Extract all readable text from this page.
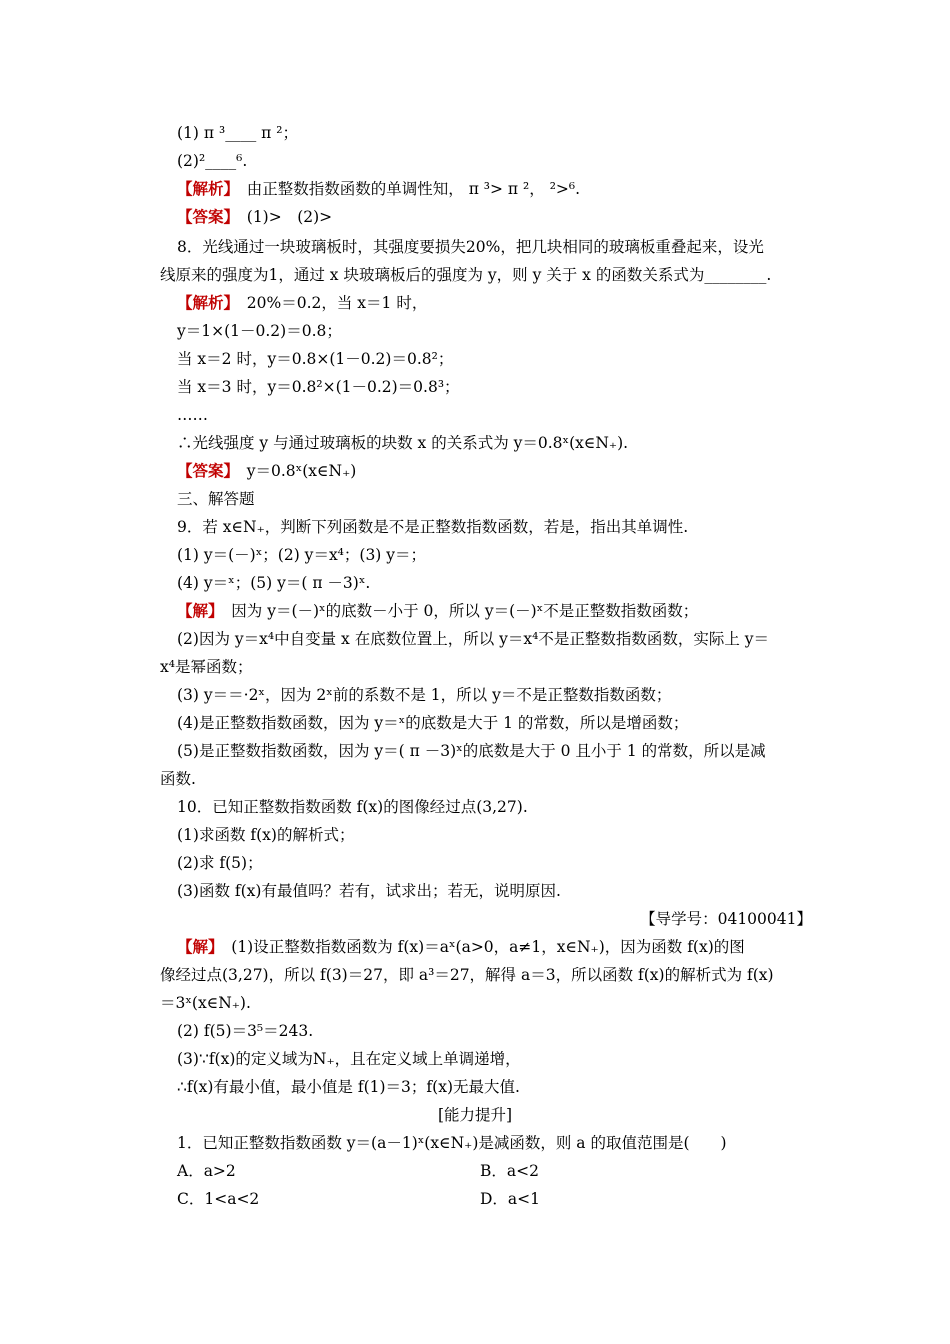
(1) π ³____ π ²；
(2)²____⁶.
【解析】　由正整数指数函数的单调性知， π ³> π ²， ²>⁶.
【答案】　(1)>　(2)>
8．光线通过一块玻璃板时，其强度要损失20%，把几块相同的玻璃板重叠起来，设光
线原来的强度为1，通过 x 块玻璃板后的强度为 y，则 y 关于 x 的函数关系式为________.
【解析】　20%＝0.2，当 x＝1 时，
y＝1×(1－0.2)＝0.8；
当 x＝2 时，y＝0.8×(1－0.2)＝0.8²；
当 x＝3 时，y＝0.8²×(1－0.2)＝0.8³；
……
∴光线强度 y 与通过玻璃板的块数 x 的关系式为 y＝0.8ˣ(x∈N₊).
【答案】　y＝0.8ˣ(x∈N₊)
三、解答题
9．若 x∈N₊，判断下列函数是不是正整数指数函数，若是，指出其单调性.
(1) y＝(－)ˣ；(2) y＝x⁴；(3) y＝；
(4) y＝ˣ；(5) y＝( π －3)ˣ.
【解】　因为 y＝(－)ˣ的底数－小于 0，所以 y＝(－)ˣ不是正整数指数函数；
(2)因为 y＝x⁴中自变量 x 在底数位置上，所以 y＝x⁴不是正整数指数函数，实际上 y＝
x⁴是幂函数；
(3) y＝＝·2ˣ，因为 2ˣ前的系数不是 1，所以 y＝不是正整数指数函数；
(4)是正整数指数函数，因为 y＝ˣ的底数是大于 1 的常数，所以是增函数；
(5)是正整数指数函数，因为 y＝( π －3)ˣ的底数是大于 0 且小于 1 的常数，所以是减
函数.
10．已知正整数指数函数 f(x)的图像经过点(3,27).
(1)求函数 f(x)的解析式；
(2)求 f(5)；
(3)函数 f(x)有最值吗？若有，试求出；若无，说明原因.
【解】　(1)设正整数指数函数为 f(x)＝aˣ(a>0，a≠1，x∈N₊)，因为函数 f(x)的图
像经过点(3,27)，所以 f(3)＝27，即 a³＝27，解得 a＝3，所以函数 f(x)的解析式为 f(x)
＝3ˣ(x∈N₊).
(2) f(5)＝3⁵＝243.
(3)∵f(x)的定义域为N₊，且在定义域上单调递增，
∴f(x)有最小值，最小值是 f(1)＝3；f(x)无最大值.
1．已知正整数指数函数 y＝(a－1)ˣ(x∈N₊)是减函数，则 a 的取值范围是(　　)
A．a>2	B．a<2
C．1<a<2	D．a<1
【导学号：04100041】
[能力提升]
